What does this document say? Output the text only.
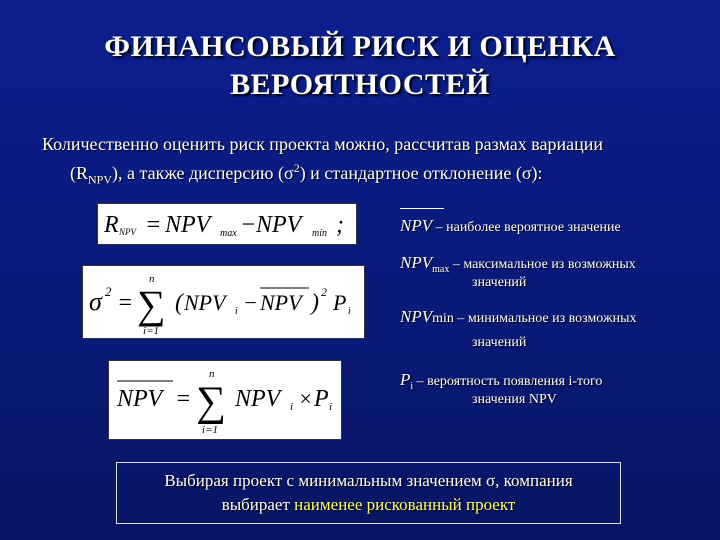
ФИНАНСОВЫЙ РИСК И ОЦЕНКА
ВЕРОЯТНОСТЕЙ
Количественно оценить риск проекта можно, рассчитав размах вариации
$(R_{NPV})$, а также дисперсию $(\sigma^2)$ и стандартное отклонение (σ):
R NPV = NPV max − NPV min ;
σ 2 =
n
∑
i=1
( NPV i − NPV ) 2 P i
NPV =
n
∑
i=1
NPV i × P i

NPV – наиболее вероятное значение
$NPV_{max}$ – максимальное из возможных
значений
NPVmin – минимальное из возможных
значений
$P_i$ – вероятность появления i-того
значения NPV
Выбирая проект с минимальным значением σ, компания
выбирает наименее рискованный проект
